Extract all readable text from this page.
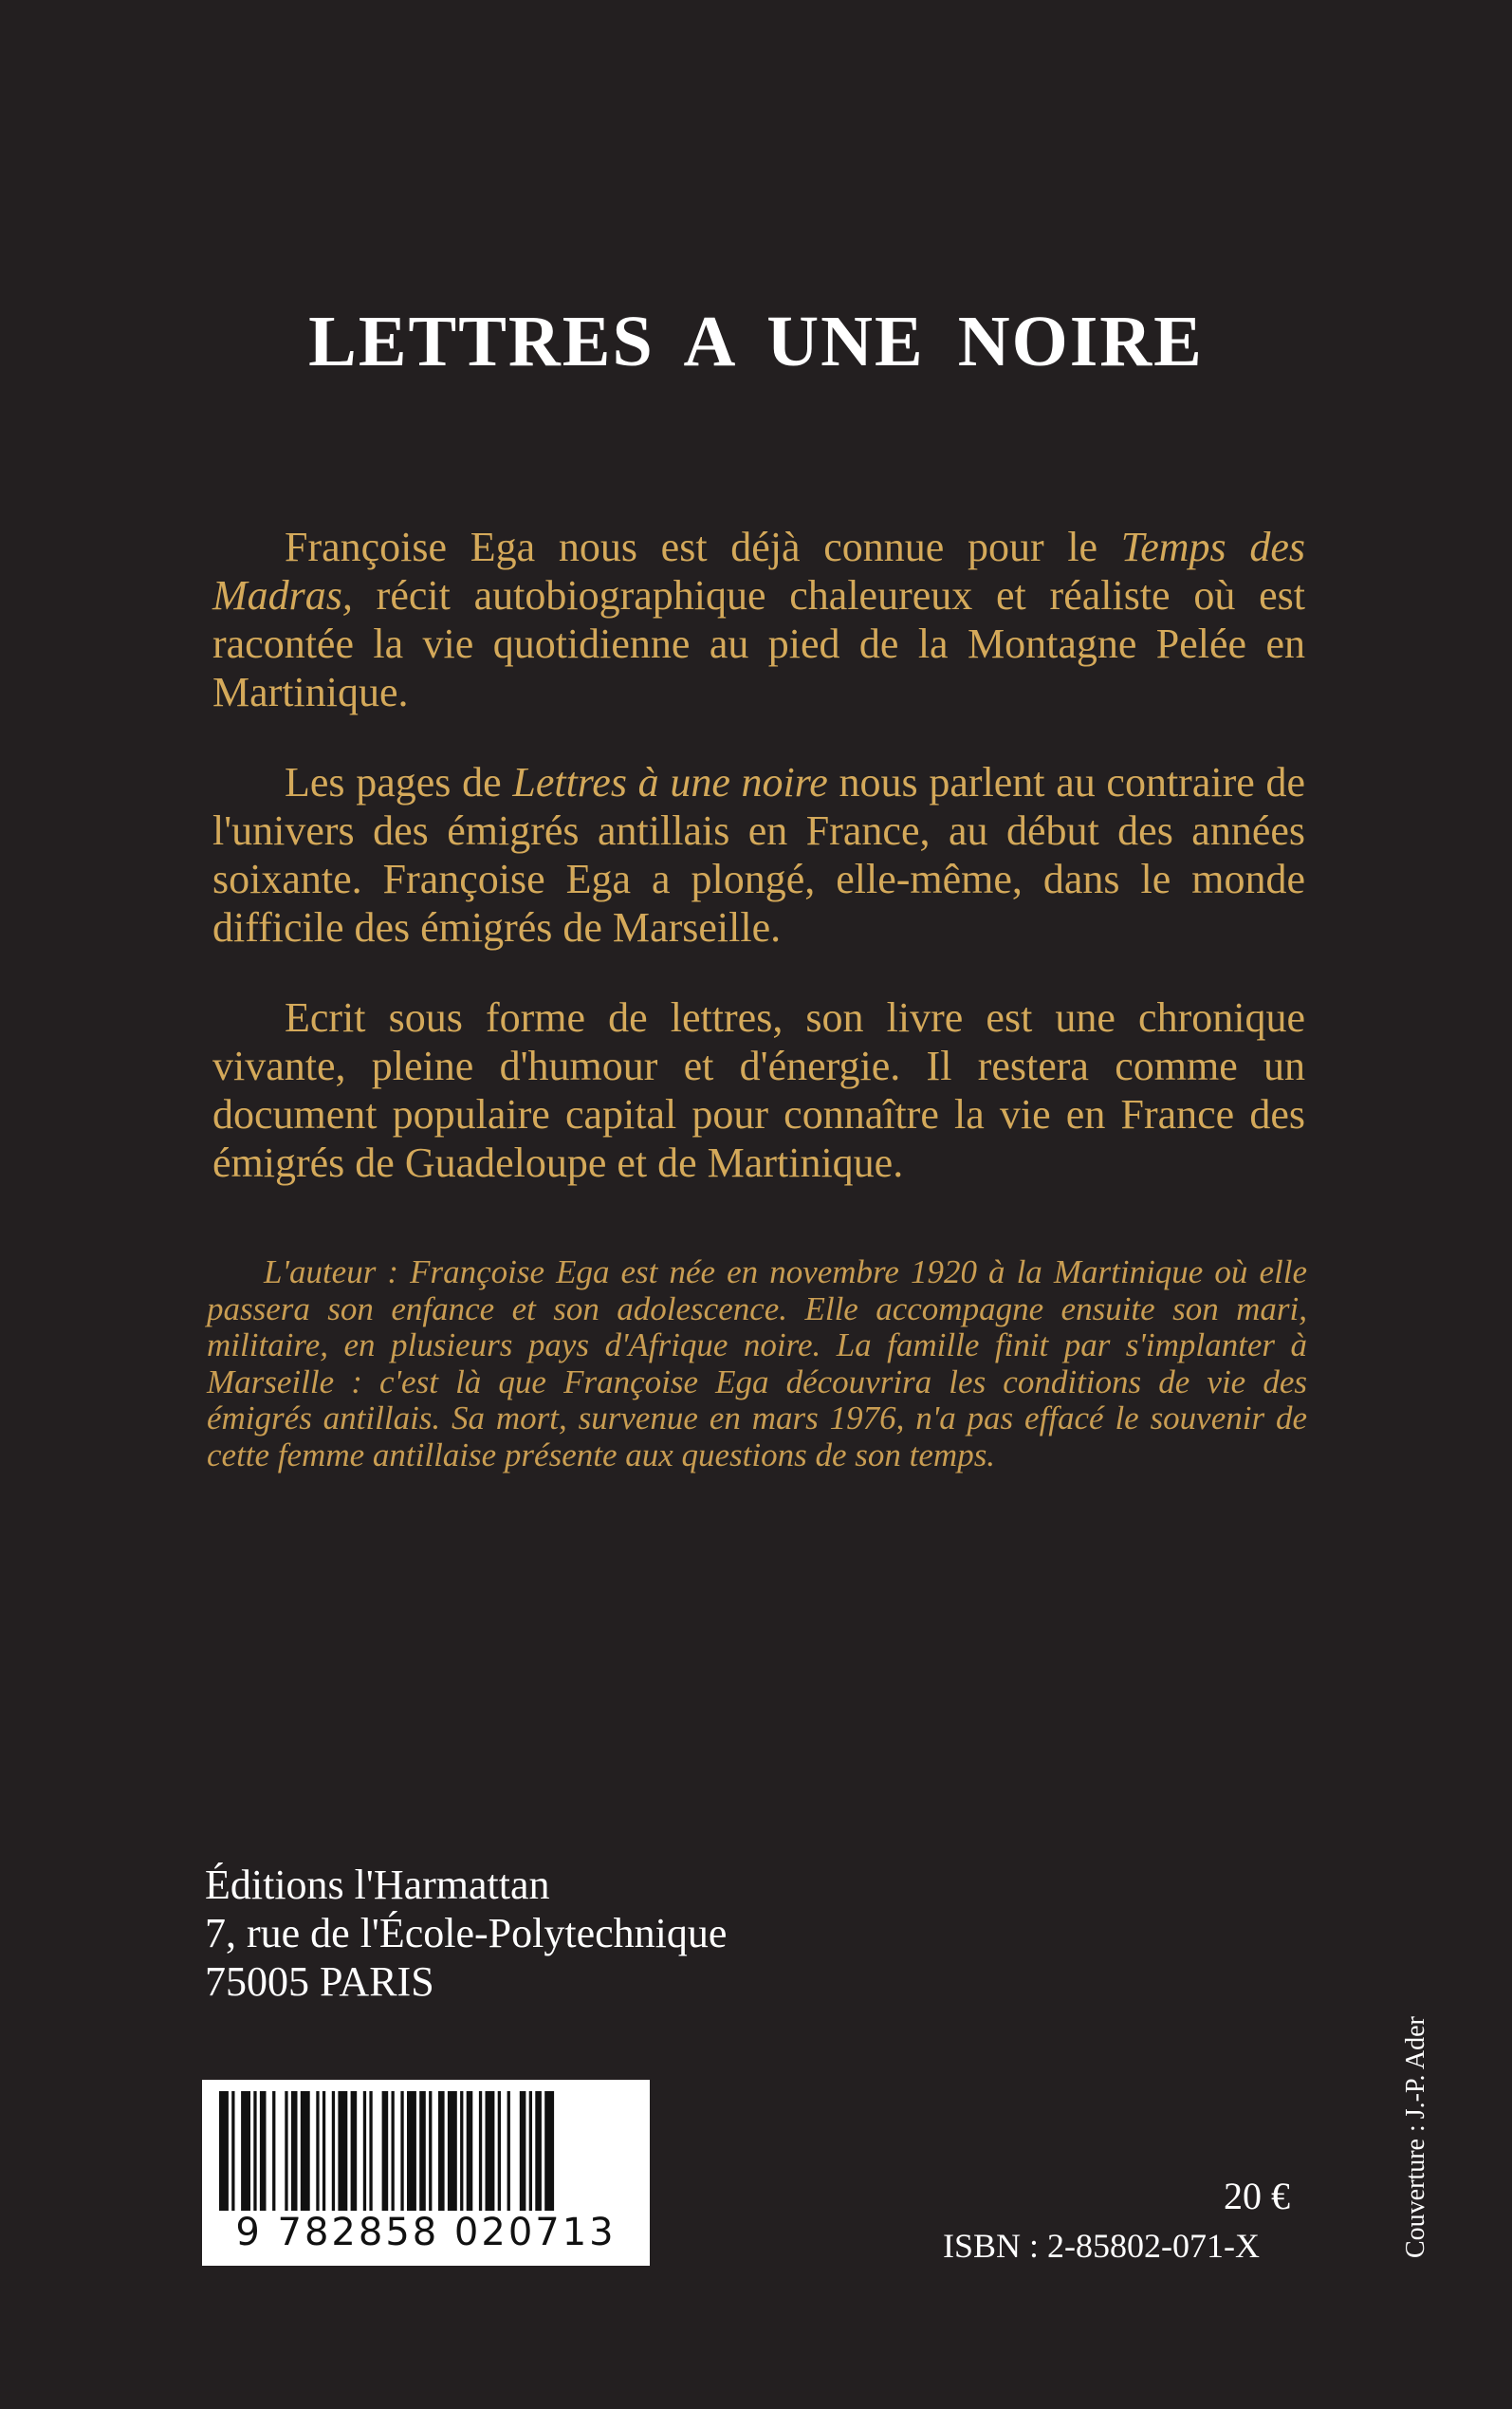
LETTRES A UNE NOIRE

Françoise Ega nous est déjà connue pour le Temps des Madras, récit autobiographique chaleureux et réaliste où est racontée la vie quotidienne au pied de la Montagne Pelée en Martinique.

Les pages de Lettres à une noire nous parlent au contraire de l'univers des émigrés antillais en France, au début des années soixante. Françoise Ega a plongé, elle-même, dans le monde difficile des émigrés de Marseille.

Ecrit sous forme de lettres, son livre est une chronique vivante, pleine d'humour et d'énergie. Il restera comme un document populaire capital pour connaître la vie en France des émigrés de Guadeloupe et de Martinique.

L'auteur : Françoise Ega est née en novembre 1920 à la Martinique où elle passera son enfance et son adolescence. Elle accompagne ensuite son mari, militaire, en plusieurs pays d'Afrique noire. La famille finit par s'implanter à Marseille : c'est là que Françoise Ega découvrira les conditions de vie des émigrés antillais. Sa mort, survenue en mars 1976, n'a pas effacé le souvenir de cette femme antillaise présente aux questions de son temps.

Éditions l'Harmattan
7, rue de l'École-Polytechnique
75005 PARIS
9 782858 020713
20 €
ISBN : 2-85802-071-X	Couverture :J.-P. Ader
